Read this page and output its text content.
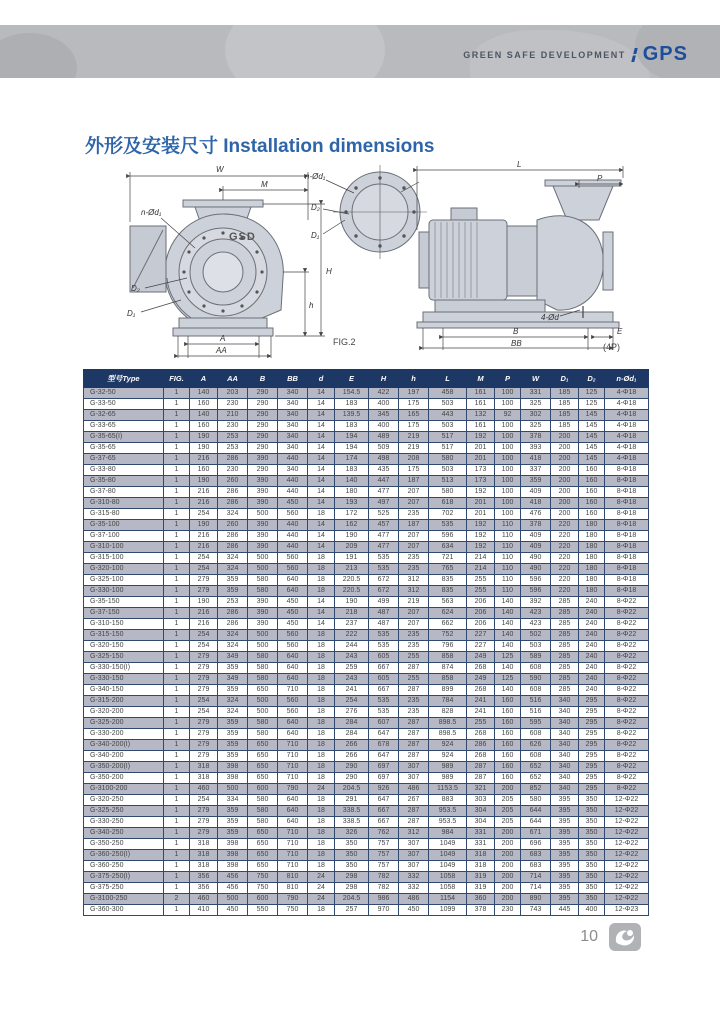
GREEN SAFE DEVELOPMENT GPS
外形及安装尺寸 Installation dimensions
W
M
H
h
A
AA
n-Ød₁
D₂
D₁
GSD
n-Ød₁
D₂
D₁
FIG.2
L
P
4-Ød
B
BB
E
(4P)
型号Type	FIG.	A	AA	B	BB	d	E	H	h	L	M	P	W	D₁	D₂	n-Ød₁
G-32-50	1	140	203	290	340	14	154.5	422	197	458	161	100	331	185	125	4-Φ18
G-33-50	1	160	230	290	340	14	183	400	175	503	161	100	325	185	125	4-Φ18
G-32-65	1	140	210	290	340	14	139.5	345	165	443	132	92	302	185	145	4-Φ18
G-33-65	1	160	230	290	340	14	183	400	175	503	161	100	325	185	145	4-Φ18
G-35-65(I)	1	190	253	290	340	14	194	489	219	517	192	100	378	200	145	4-Φ18
G-35-65	1	190	253	290	340	14	194	509	219	517	201	100	393	200	145	4-Φ18
G-37-65	1	216	286	390	440	14	174	498	208	580	201	100	418	200	145	4-Φ18
G-33-80	1	160	230	290	340	14	183	435	175	503	173	100	337	200	160	8-Φ18
G-35-80	1	190	260	390	440	14	140	447	187	513	173	100	359	200	160	8-Φ18
G-37-80	1	216	286	390	440	14	180	477	207	580	192	100	409	200	160	8-Φ18
G-310-80	1	216	286	390	450	14	193	497	207	618	201	100	418	200	160	8-Φ18
G-315-80	1	254	324	500	560	18	172	525	235	702	201	100	476	200	160	8-Φ18
G-35-100	1	190	260	390	440	14	162	457	187	535	192	110	378	220	180	8-Φ18
G-37-100	1	216	286	390	440	14	190	477	207	596	192	110	409	220	180	8-Φ18
G-310-100	1	216	286	390	440	14	209	477	207	634	192	110	409	220	180	8-Φ18
G-315-100	1	254	324	500	560	18	191	535	235	721	214	110	490	220	180	8-Φ18
G-320-100	1	254	324	500	560	18	213	535	235	765	214	110	490	220	180	8-Φ18
G-325-100	1	279	359	580	640	18	220.5	672	312	835	255	110	596	220	180	8-Φ18
G-330-100	1	279	359	580	640	18	220.5	672	312	835	255	110	596	220	180	8-Φ18
G-35-150	1	190	253	390	450	14	190	499	219	563	206	140	392	285	240	8-Φ22
G-37-150	1	216	286	390	450	14	218	487	207	624	206	140	423	285	240	8-Φ22
G-310-150	1	216	286	390	450	14	237	487	207	662	206	140	423	285	240	8-Φ22
G-315-150	1	254	324	500	560	18	222	535	235	752	227	140	502	285	240	8-Φ22
G-320-150	1	254	324	500	560	18	244	535	235	796	227	140	503	285	240	8-Φ22
G-325-150	1	279	349	580	640	18	243	605	255	858	249	125	589	285	240	8-Φ22
G-330-150(I)	1	279	359	580	640	18	259	667	287	874	268	140	608	285	240	8-Φ22
G-330-150	1	279	349	580	640	18	243	605	255	858	249	125	590	285	240	8-Φ22
G-340-150	1	279	359	650	710	18	241	667	287	899	268	140	608	285	240	8-Φ22
G-315-200	1	254	324	500	560	18	254	535	235	784	241	160	516	340	295	8-Φ22
G-320-200	1	254	324	500	560	18	276	535	235	828	241	160	516	340	295	8-Φ22
G-325-200	1	279	359	580	640	18	284	607	287	898.5	255	160	595	340	295	8-Φ22
G-330-200	1	279	359	580	640	18	284	647	287	898.5	268	160	608	340	295	8-Φ22
G-340-200(I)	1	279	359	650	710	18	266	678	287	924	286	160	626	340	295	8-Φ22
G-340-200	1	279	359	650	710	18	266	647	287	924	268	160	608	340	295	8-Φ22
G-350-200(I)	1	318	398	650	710	18	290	697	307	989	287	160	652	340	295	8-Φ22
G-350-200	1	318	398	650	710	18	290	697	307	989	287	160	652	340	295	8-Φ22
G-3100-200	1	460	500	600	790	24	204.5	926	486	1153.5	321	200	852	340	295	8-Φ22
G-320-250	1	254	334	580	640	18	291	647	267	883	303	205	580	395	350	12-Φ22
G-325-250	1	279	359	580	640	18	338.5	667	287	953.5	304	205	644	395	350	12-Φ22
G-330-250	1	279	359	580	640	18	338.5	667	287	953.5	304	205	644	395	350	12-Φ22
G-340-250	1	279	359	650	710	18	326	762	312	984	331	200	671	395	350	12-Φ22
G-350-250	1	318	398	650	710	18	350	757	307	1049	331	200	696	395	350	12-Φ22
G-360-250(I)	1	318	398	650	710	18	350	757	307	1049	318	200	683	395	350	12-Φ22
G-360-250	1	318	398	650	710	18	350	757	307	1049	318	200	683	395	350	12-Φ22
G-375-250(I)	1	356	456	750	810	24	298	782	332	1058	319	200	714	395	350	12-Φ22
G-375-250	1	356	456	750	810	24	298	782	332	1058	319	200	714	395	350	12-Φ22
G-3100-250	2	460	500	600	790	24	204.5	986	486	1154	360	200	890	395	350	12-Φ22
G-360-300	1	410	450	550	750	18	257	970	450	1099	378	230	743	445	400	12-Φ23
10
